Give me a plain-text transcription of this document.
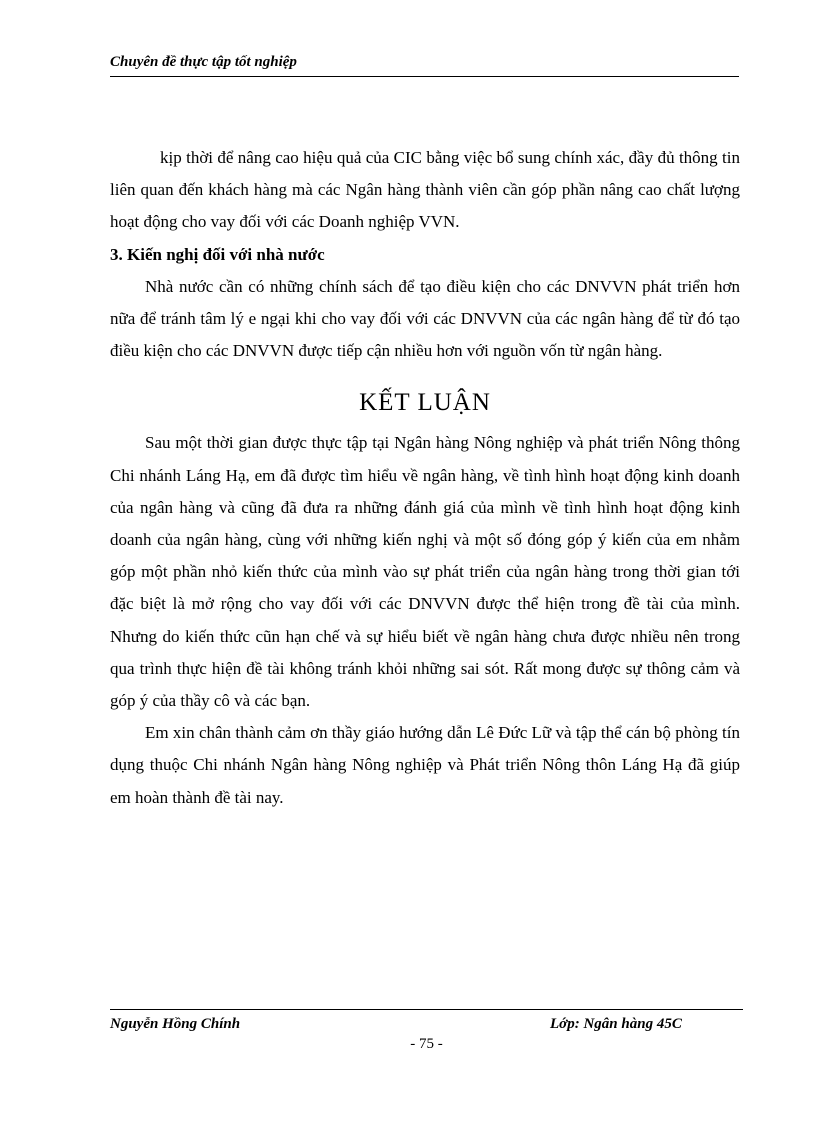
Chuyên đề thực tập tốt nghiệp

kịp thời để nâng cao hiệu quả của CIC bằng việc bổ sung chính xác, đầy đủ thông tin liên quan đến khách hàng mà các Ngân hàng thành viên cần góp phần nâng cao chất lượng hoạt động cho vay đối với các Doanh nghiệp VVN.

3. Kiến nghị đối với nhà nước

Nhà nước cần có những chính sách để tạo điều kiện cho các DNVVN phát triển hơn nữa để tránh tâm lý e ngại khi cho vay đối với các DNVVN của các ngân hàng để từ đó tạo điều kiện cho các DNVVN được tiếp cận nhiều hơn với nguồn vốn từ ngân hàng.

KẾT LUẬN

Sau một thời gian được thực tập tại Ngân hàng Nông nghiệp và phát triển Nông thông Chi nhánh Láng Hạ, em đã được tìm hiểu về ngân hàng, về tình hình hoạt động kinh doanh của ngân hàng và cũng đã đưa ra những đánh giá của mình về tình hình hoạt động kinh doanh của ngân hàng, cùng với những kiến nghị và một số đóng góp ý kiến của em nhằm góp một phần nhỏ kiến thức của mình vào sự phát triển của ngân hàng trong thời gian tới đặc biệt là mở rộng cho vay đối với các DNVVN được thể hiện trong đề tài của mình. Nhưng do kiến thức cũn hạn chế và sự hiểu biết về ngân hàng chưa được nhiều nên trong qua trình thực hiện đề tài không tránh khỏi những sai sót. Rất mong được sự thông cảm và góp ý của thầy cô và các bạn.

Em xin chân thành cảm ơn thầy giáo hướng dẫn Lê Đức Lữ và tập thể cán bộ phòng tín dụng thuộc Chi nhánh Ngân hàng Nông nghiệp và Phát triển Nông thôn Láng Hạ đã giúp em hoàn thành đề tài nay.

Nguyễn Hồng Chính	Lớp: Ngân hàng 45C
- 75 -
